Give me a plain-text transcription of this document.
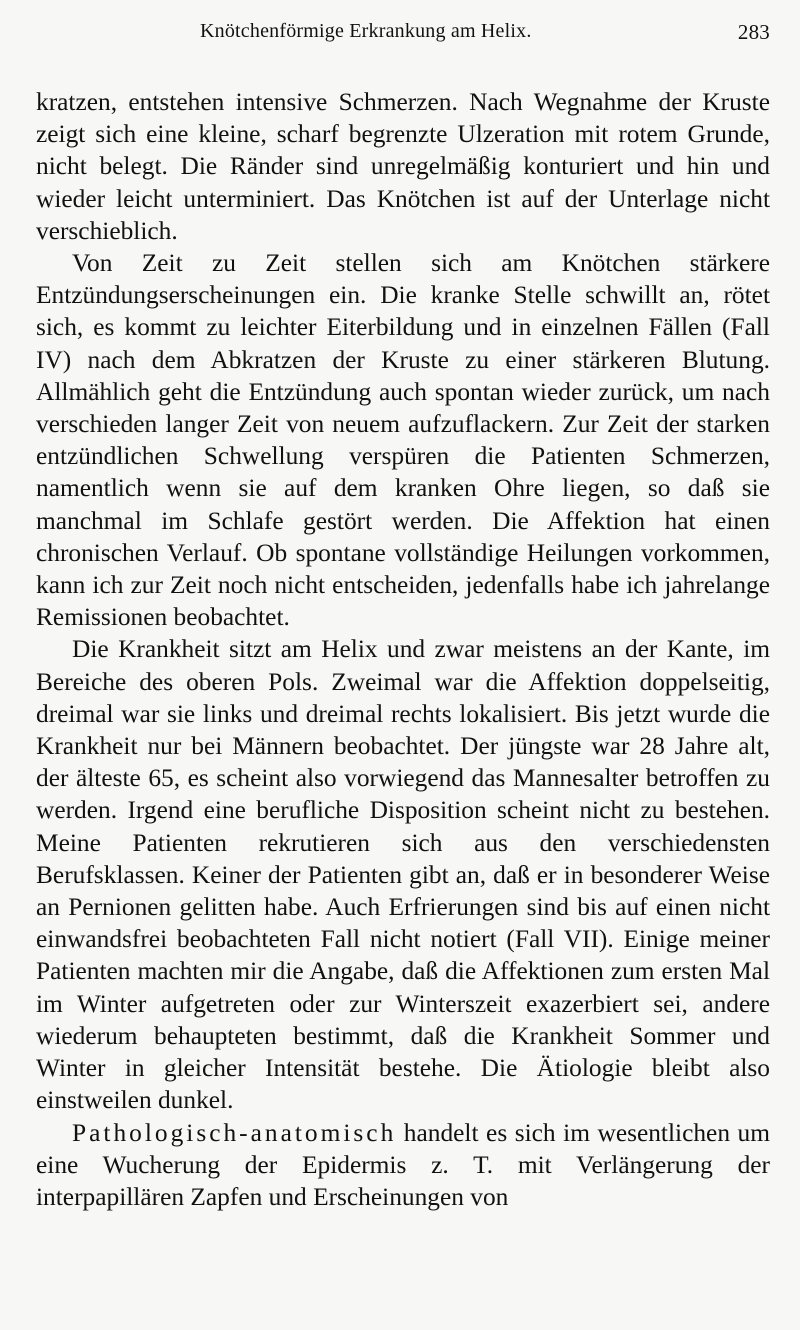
Knötchenförmige Erkrankung am Helix.	283

kratzen, entstehen intensive Schmerzen. Nach Wegnahme der Kruste zeigt sich eine kleine, scharf begrenzte Ulzeration mit rotem Grunde, nicht belegt. Die Ränder sind unregelmäßig konturiert und hin und wieder leicht unterminiert. Das Knötchen ist auf der Unterlage nicht verschieblich.

Von Zeit zu Zeit stellen sich am Knötchen stärkere Entzündungserscheinungen ein. Die kranke Stelle schwillt an, rötet sich, es kommt zu leichter Eiterbildung und in einzelnen Fällen (Fall IV) nach dem Abkratzen der Kruste zu einer stärkeren Blutung. Allmählich geht die Entzündung auch spontan wieder zurück, um nach verschieden langer Zeit von neuem aufzuflackern. Zur Zeit der starken entzündlichen Schwellung verspüren die Patienten Schmerzen, namentlich wenn sie auf dem kranken Ohre liegen, so daß sie manchmal im Schlafe gestört werden. Die Affektion hat einen chronischen Verlauf. Ob spontane vollständige Heilungen vorkommen, kann ich zur Zeit noch nicht entscheiden, jedenfalls habe ich jahrelange Remissionen beobachtet.

Die Krankheit sitzt am Helix und zwar meistens an der Kante, im Bereiche des oberen Pols. Zweimal war die Affektion doppelseitig, dreimal war sie links und dreimal rechts lokalisiert. Bis jetzt wurde die Krankheit nur bei Männern beobachtet. Der jüngste war 28 Jahre alt, der älteste 65, es scheint also vorwiegend das Mannesalter betroffen zu werden. Irgend eine berufliche Disposition scheint nicht zu bestehen. Meine Patienten rekrutieren sich aus den verschiedensten Berufsklassen. Keiner der Patienten gibt an, daß er in besonderer Weise an Pernionen gelitten habe. Auch Erfrierungen sind bis auf einen nicht einwandsfrei beobachteten Fall nicht notiert (Fall VII). Einige meiner Patienten machten mir die Angabe, daß die Affektionen zum ersten Mal im Winter aufgetreten oder zur Winterszeit exazerbiert sei, andere wiederum behaupteten bestimmt, daß die Krankheit Sommer und Winter in gleicher Intensität bestehe. Die Ätiologie bleibt also einstweilen dunkel.

Pathologisch-anatomisch handelt es sich im wesentlichen um eine Wucherung der Epidermis z. T. mit Verlängerung der interpapillären Zapfen und Erscheinungen von
